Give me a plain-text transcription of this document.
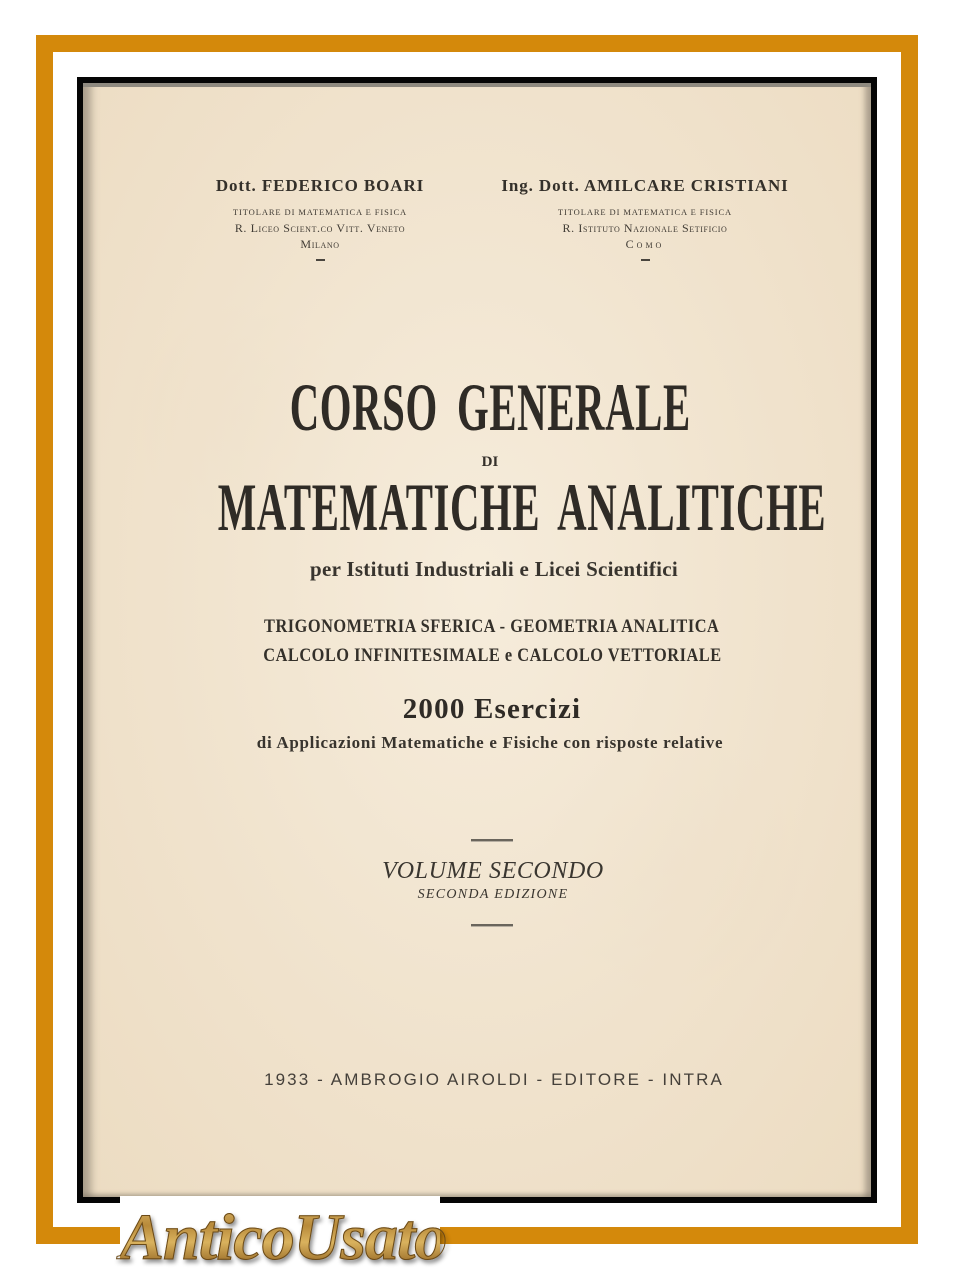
Dott. FEDERICO BOARI
TITOLARE DI MATEMATICA E FISICA
R. Liceo Scient.co Vitt. Veneto
Milano
Ing. Dott. AMILCARE CRISTIANI
TITOLARE DI MATEMATICA E FISICA
R. Istituto Nazionale Setificio
Como
CORSO GENERALE
DI
MATEMATICHE ANALITICHE
per Istituti Industriali e Licei Scientifici
TRIGONOMETRIA SFERICA - GEOMETRIA ANALITICA
CALCOLO INFINITESIMALE e CALCOLO VETTORIALE
2000 Esercizi
di Applicazioni Matematiche e Fisiche con risposte relative
VOLUME SECONDO
SECONDA EDIZIONE
1933 - AMBROGIO AIROLDI - EDITORE - INTRA
AnticoUsato
